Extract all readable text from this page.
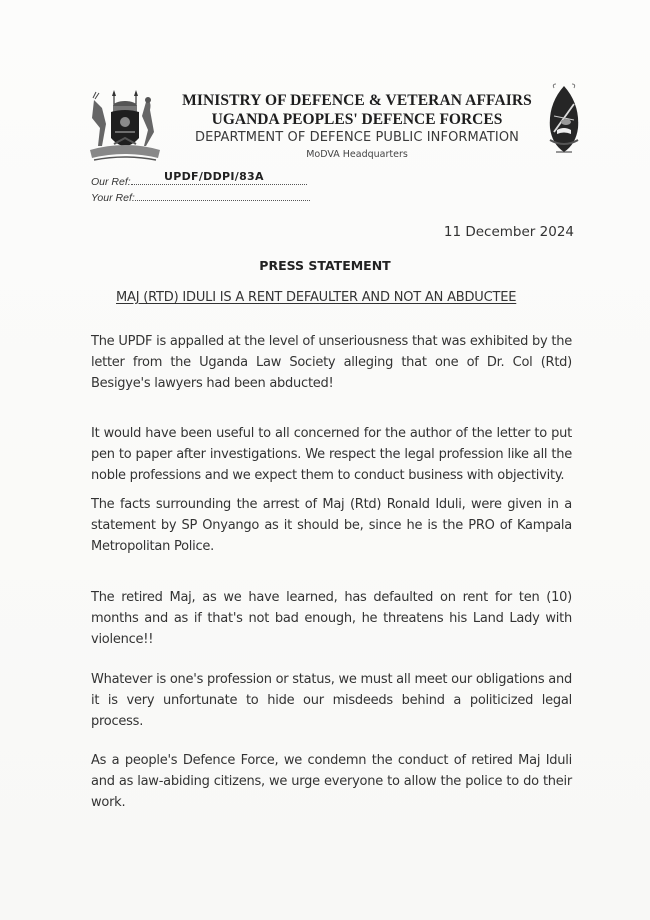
MINISTRY OF DEFENCE & VETERAN AFFAIRS
UGANDA PEOPLES' DEFENCE FORCES
DEPARTMENT OF DEFENCE PUBLIC INFORMATION
MoDVA Headquarters
Our Ref:	UPDF/DDPI/83A
Your Ref:
11 December 2024
PRESS STATEMENT
MAJ (RTD) IDULI IS A RENT DEFAULTER AND NOT AN ABDUCTEE

The UPDF is appalled at the level of unseriousness that was exhibited by the letter from the Uganda Law Society alleging that one of Dr. Col (Rtd) Besigye's lawyers had been abducted!

It would have been useful to all concerned for the author of the letter to put pen to paper after investigations. We respect the legal profession like all the noble professions and we expect them to conduct business with objectivity.

The facts surrounding the arrest of Maj (Rtd) Ronald Iduli, were given in a statement by SP Onyango as it should be, since he is the PRO of Kampala Metropolitan Police.

The retired Maj, as we have learned, has defaulted on rent for ten (10) months and as if that's not bad enough, he threatens his Land Lady with violence!!

Whatever is one's profession or status, we must all meet our obligations and it is very unfortunate to hide our misdeeds behind a politicized legal process.

As a people's Defence Force, we condemn the conduct of retired Maj Iduli and as law-abiding citizens, we urge everyone to allow the police to do their work.
